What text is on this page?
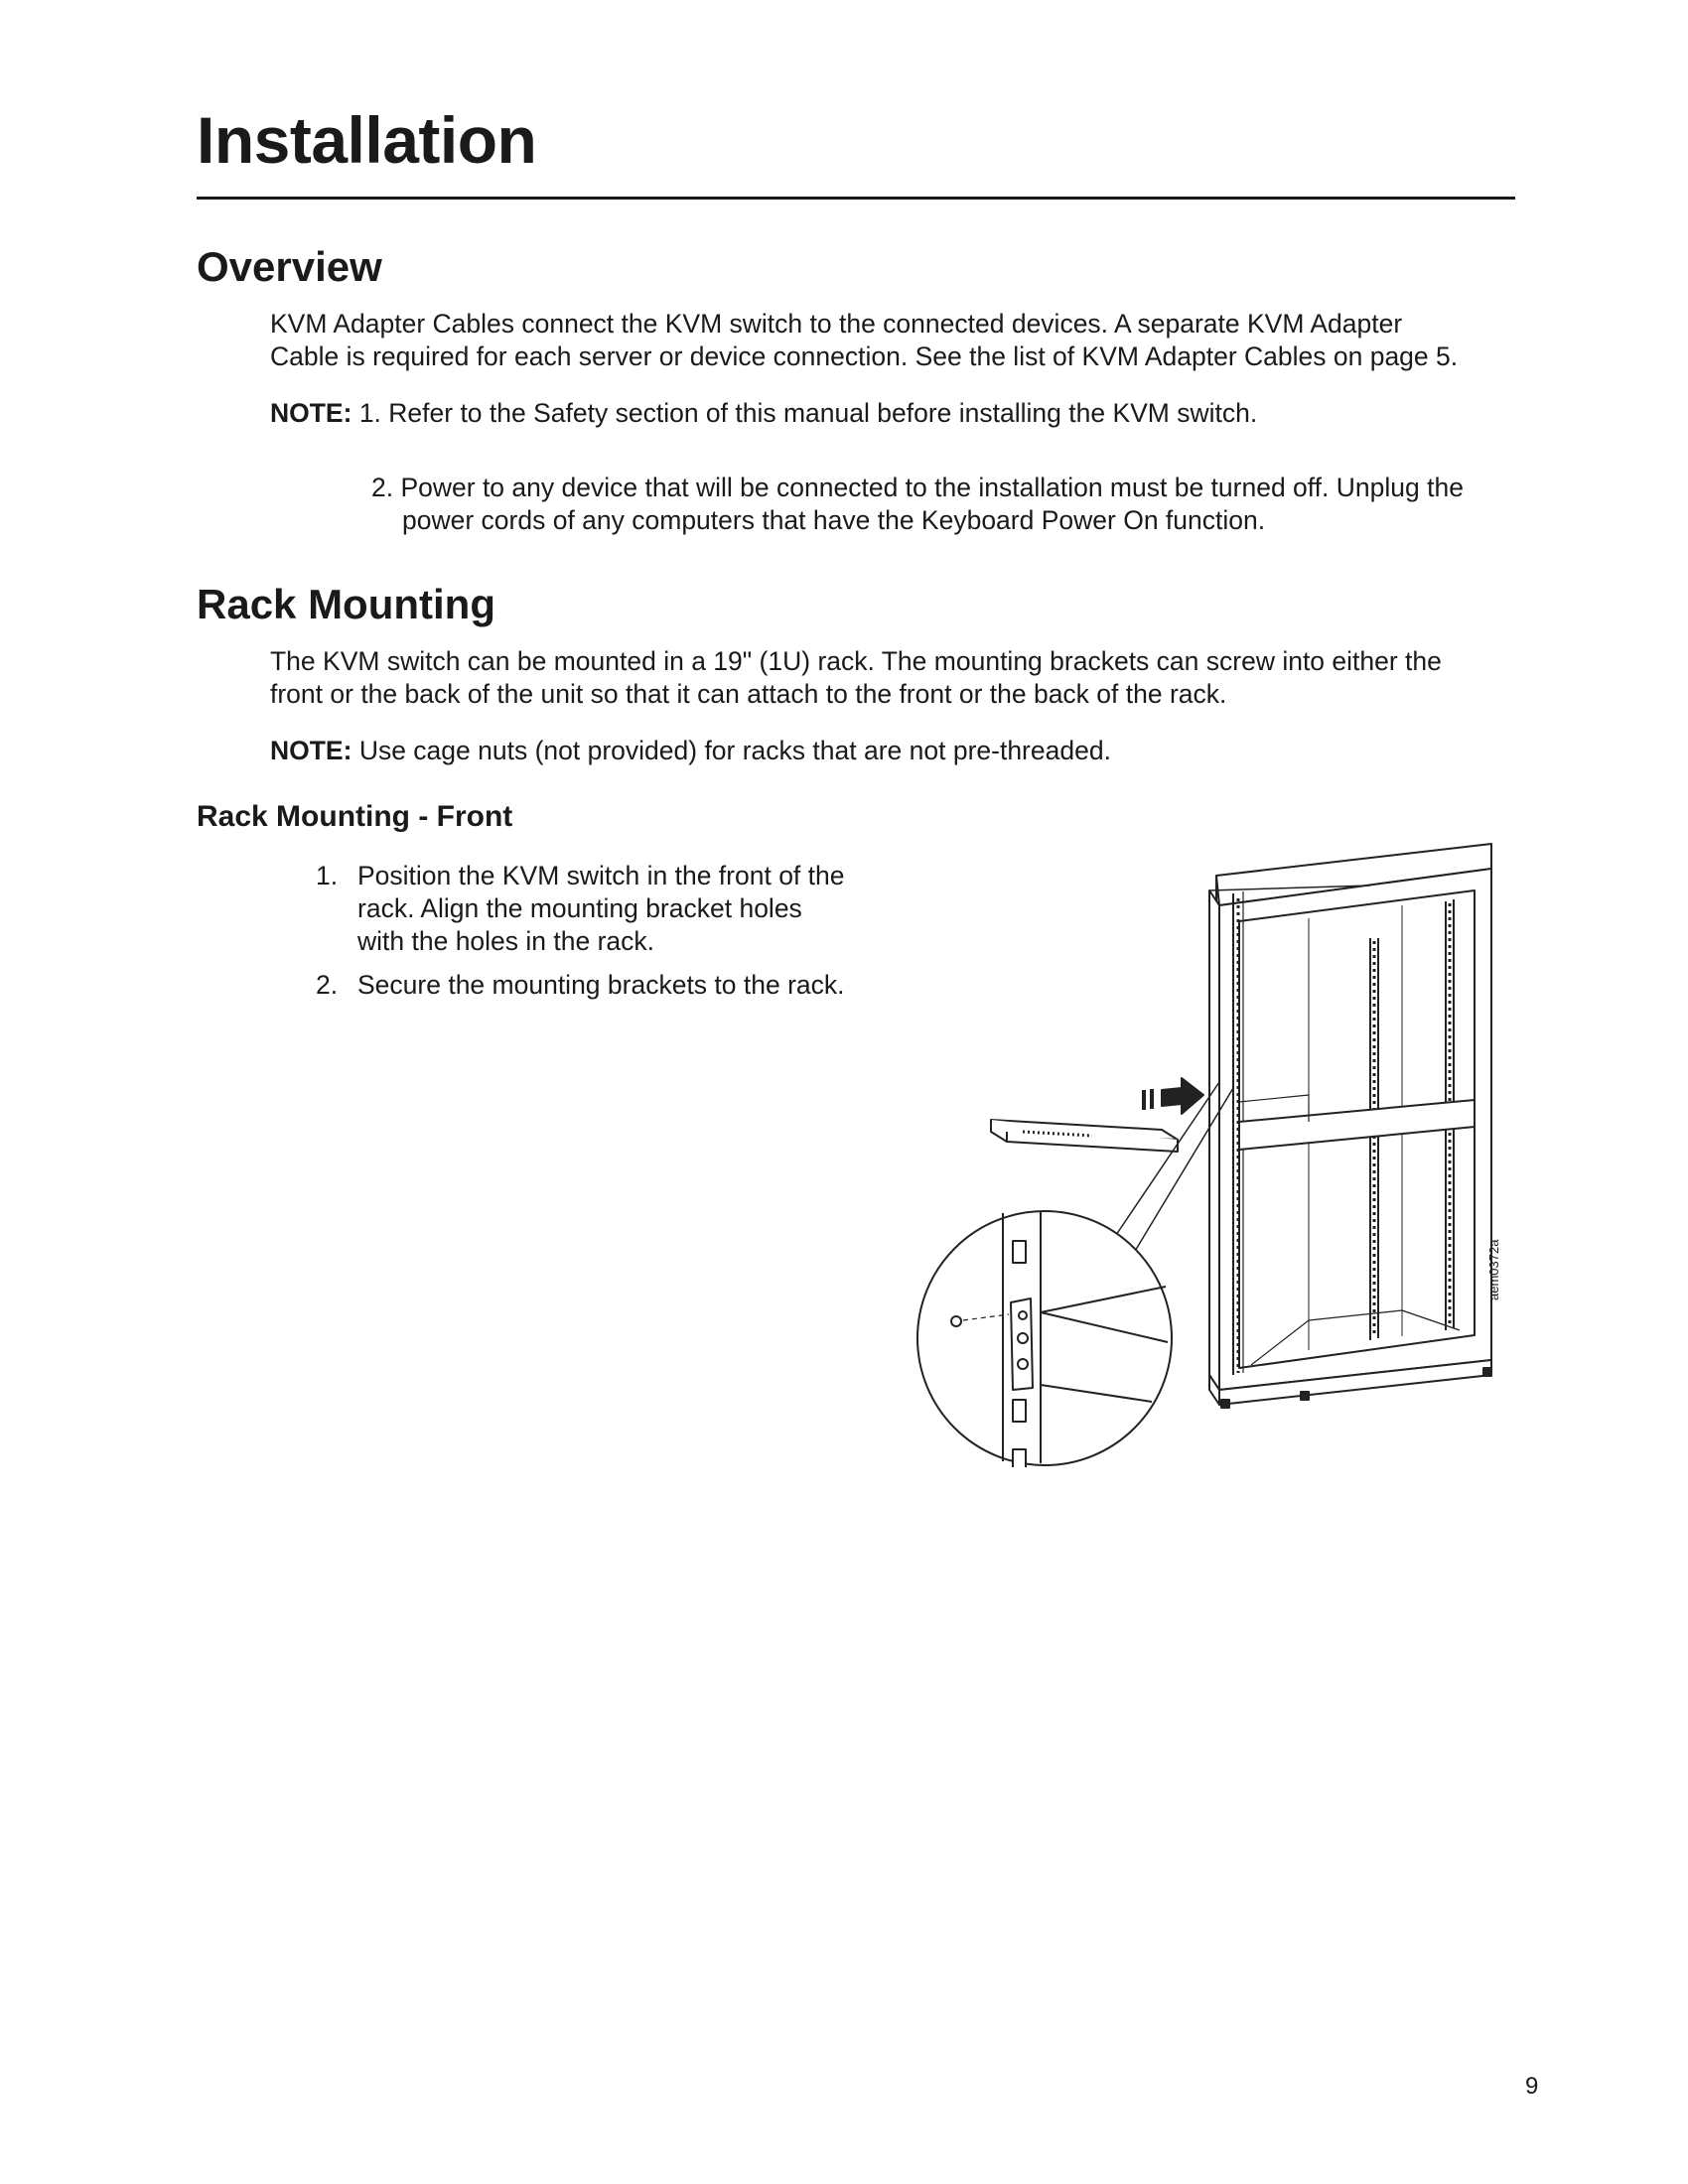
Installation
Overview

KVM Adapter Cables connect the KVM switch to the connected devices. A separate KVM Adapter
Cable is required for each server or device connection. See the list of KVM Adapter Cables on page 5.

NOTE: 1. Refer to the Safety section of this manual before installing the KVM switch.

2. Power to any device that will be connected to the installation must be turned off. Unplug the
power cords of any computers that have the Keyboard Power On function.

Rack Mounting

The KVM switch can be mounted in a 19" (1U) rack. The mounting brackets can screw into either the
front or the back of the unit so that it can attach to the front or the back of the rack.

NOTE: Use cage nuts (not provided) for racks that are not pre-threaded.

Rack Mounting - Front
1. Position the KVM switch in the front of the
rack. Align the mounting bracket holes
with the holes in the rack.
2. Secure the mounting brackets to the rack.
aem0372a
9
